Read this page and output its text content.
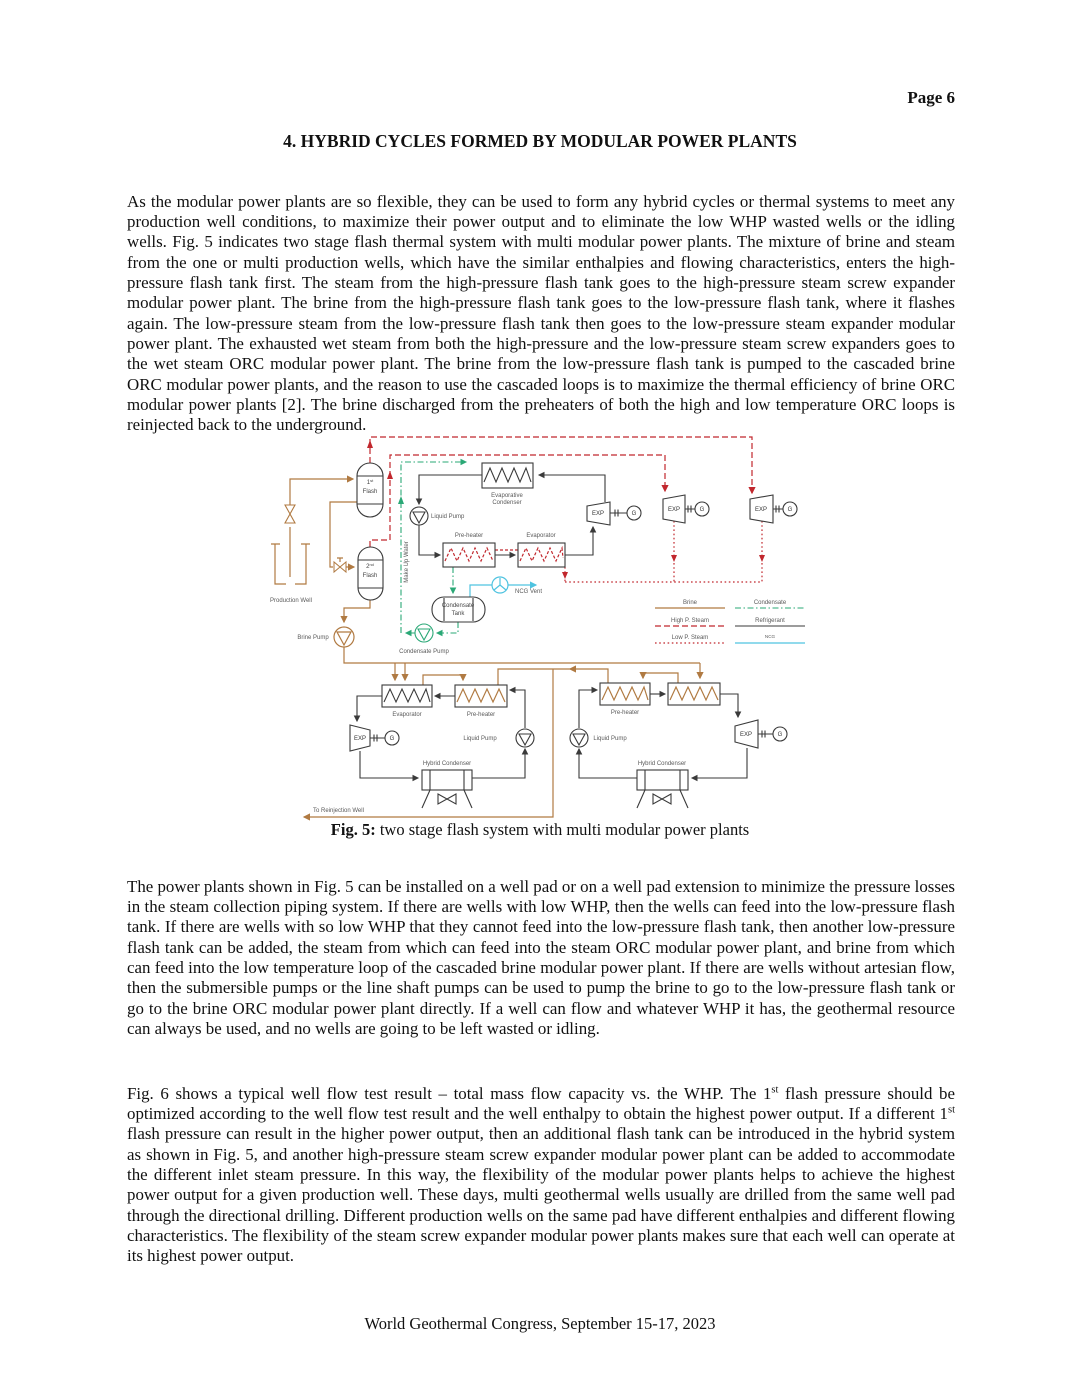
Page 6
4. HYBRID CYCLES FORMED BY MODULAR POWER PLANTS

As the modular power plants are so flexible, they can be used to form any hybrid cycles or thermal systems to meet any production well conditions, to maximize their power output and to eliminate the low WHP wasted wells or the idling wells. Fig. 5 indicates two stage flash thermal system with multi modular power plants. The mixture of brine and steam from the one or multi production wells, which have the similar enthalpies and flowing characteristics, enters the high-pressure flash tank first. The steam from the high-pressure flash tank goes to the high-pressure steam screw expander modular power plant. The brine from the high-pressure flash tank goes to the low-pressure flash tank, where it flashes again. The low-pressure steam from the low-pressure flash tank then goes to the low-pressure steam expander modular power plant. The exhausted wet steam from both the high-pressure and the low-pressure steam screw expanders goes to the wet steam ORC modular power plant. The brine from the low-pressure flash tank is pumped to the cascaded brine ORC modular power plants, and the reason to use the cascaded loops is to maximize the thermal efficiency of brine ORC modular power plants [2]. The brine discharged from the preheaters of both the high and low temperature ORC loops is reinjected back to the underground.

Brine
High P. Steam
Low P. Steam
Condensate
Refrigerant
NCG
Production Well
1st
Flash
2nd
Flash
Brine Pump
Make Up Water
Evaporative
Condenser
Liquid Pump
Pre-heater	Evaporator
EXP
EXP	EXP
G
G	G
NCG Vent
Condensate
Tank
Condensate Pump
Evaporator	Pre-heater	Pre-heater
EXP	G
EXP	G
Liquid Pump	Liquid Pump
Hybrid Condenser	Hybrid Condenser
To Reinjection Well
Fig. 5: two stage flash system with multi modular power plants

The power plants shown in Fig. 5 can be installed on a well pad or on a well pad extension to minimize the pressure losses in the steam collection piping system. If there are wells with low WHP, then the wells can feed into the low-pressure flash tank. If there are wells with so low WHP that they cannot feed into the low-pressure flash tank, then another low-pressure flash tank can be added, the steam from which can feed into the steam ORC modular power plant, and brine from which can feed into the low temperature loop of the cascaded brine modular power plant. If there are wells without artesian flow, then the submersible pumps or the line shaft pumps can be used to pump the brine to go to the low-pressure flash tank or go to the brine ORC modular power plant directly. If a well can flow and whatever WHP it has, the geothermal resource can always be used, and no wells are going to be left wasted or idling.

Fig. 6 shows a typical well flow test result – total mass flow capacity vs. the WHP. The 1st flash pressure should be optimized according to the well flow test result and the well enthalpy to obtain the highest power output. If a different 1st flash pressure can result in the higher power output, then an additional flash tank can be introduced in the hybrid system as shown in Fig. 5, and another high-pressure steam screw expander modular power plant can be added to accommodate the different inlet steam pressure. In this way, the flexibility of the modular power plants helps to achieve the highest power output for a given production well. These days, multi geothermal wells usually are drilled from the same well pad through the directional drilling. Different production wells on the same pad have different enthalpies and different flowing characteristics. The flexibility of the steam screw expander modular power plants makes sure that each well can operate at its highest power output.

World Geothermal Congress, September 15-17, 2023
